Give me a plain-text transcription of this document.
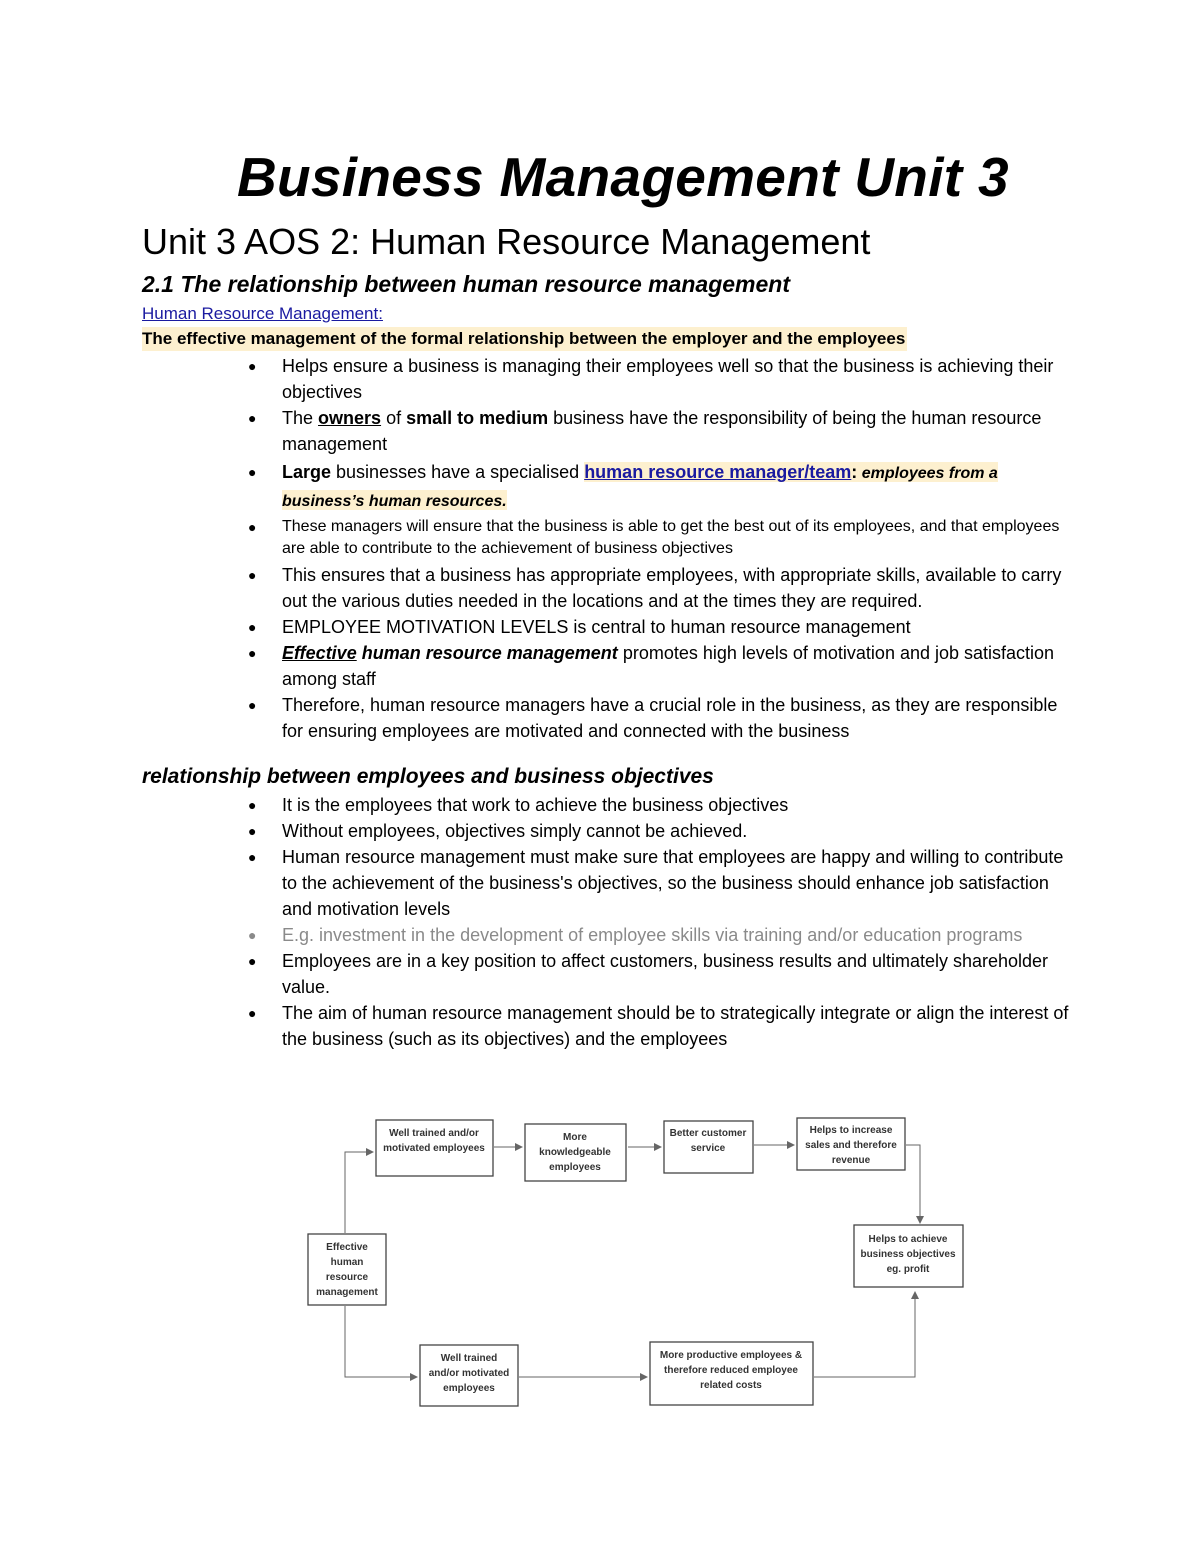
Business Management Unit 3
Unit 3 AOS 2: Human Resource Management
2.1 The relationship between human resource management
Human Resource Management:
The effective management of the formal relationship between the employer and the employees
● Helps ensure a business is managing their employees well so that the business is achieving their objectives
● The owners of small to medium business have the responsibility of being the human resource management
● Large businesses have a specialised human resource manager/team: employees from a business’s human resources.
● These managers will ensure that the business is able to get the best out of its employees, and that employees are able to contribute to the achievement of business objectives
● This ensures that a business has appropriate employees, with appropriate skills, available to carry out the various duties needed in the locations and at the times they are required.
● EMPLOYEE MOTIVATION LEVELS is central to human resource management
● Effective human resource management promotes high levels of motivation and job satisfaction among staff
● Therefore, human resource managers have a crucial role in the business, as they are responsible for ensuring employees are motivated and connected with the business
relationship between employees and business objectives
● It is the employees that work to achieve the business objectives
● Without employees, objectives simply cannot be achieved.
● Human resource management must make sure that employees are happy and willing to contribute to the achievement of the business's objectives, so the business should enhance job satisfaction and motivation levels
● E.g. investment in the development of employee skills via training and/or education programs
● Employees are in a key position to affect customers, business results and ultimately shareholder value.
● The aim of human resource management should be to strategically integrate or align the interest of the business (such as its objectives) and the employees
Effective
human
resource
management
Well trained and/or
motivated employees
More
knowledgeable
employees
Better customer
service
Helps to increase
sales and therefore
revenue
Helps to achieve
business objectives
eg. profit
Well trained
and/or motivated
employees
More productive employees &
therefore reduced employee
related costs
